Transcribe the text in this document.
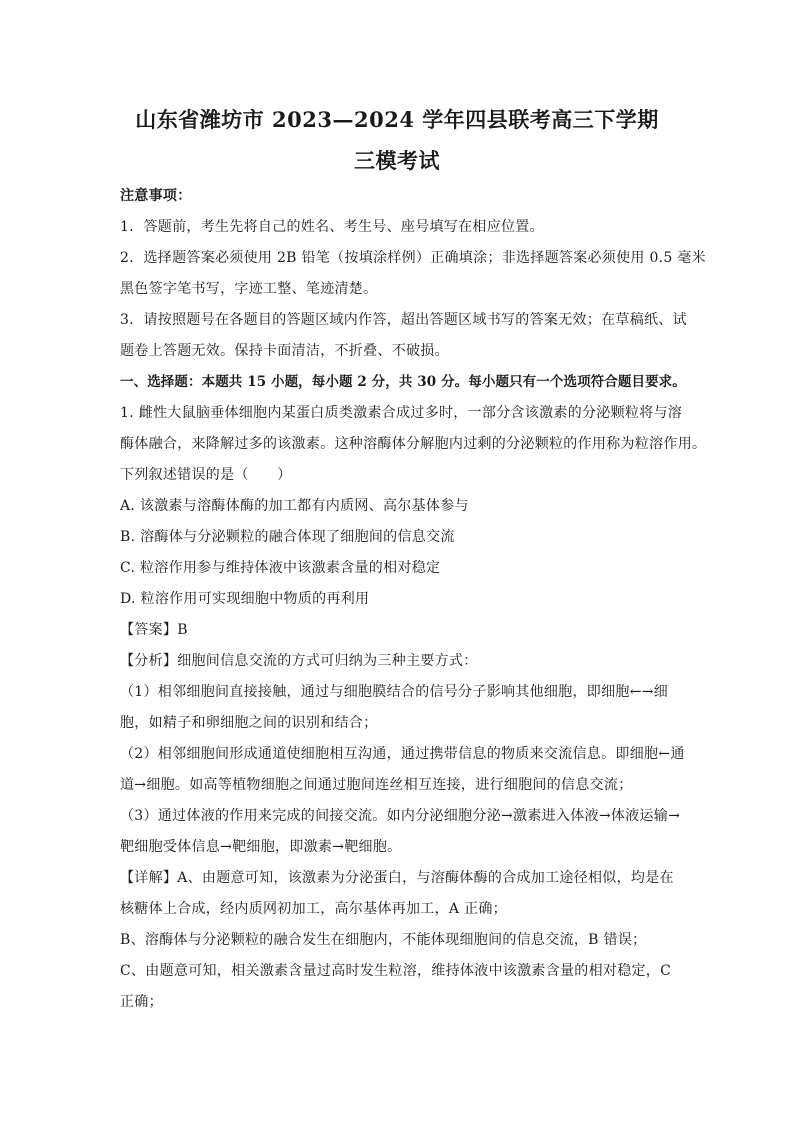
山东省潍坊市 2023—2024 学年四县联考高三下学期
三模考试
注意事项：
1．答题前，考生先将自己的姓名、考生号、座号填写在相应位置。
2．选择题答案必须使用 2B 铅笔（按填涂样例）正确填涂；非选择题答案必须使用 0.5 毫米
黑色签字笔书写，字迹工整、笔迹清楚。
3．请按照题号在各题目的答题区域内作答，超出答题区域书写的答案无效；在草稿纸、试
题卷上答题无效。保持卡面清洁，不折叠、不破损。
一、选择题：本题共 15 小题，每小题 2 分，共 30 分。每小题只有一个选项符合题目要求。
1. 雌性大鼠脑垂体细胞内某蛋白质类激素合成过多时，一部分含该激素的分泌颗粒将与溶
酶体融合，来降解过多的该激素。这种溶酶体分解胞内过剩的分泌颗粒的作用称为粒溶作用。
下列叙述错误的是（　　）
A. 该激素与溶酶体酶的加工都有内质网、高尔基体参与
B. 溶酶体与分泌颗粒的融合体现了细胞间的信息交流
C. 粒溶作用参与维持体液中该激素含量的相对稳定
D. 粒溶作用可实现细胞中物质的再利用
【答案】B
【分析】细胞间信息交流的方式可归纳为三种主要方式：
（1）相邻细胞间直接接触，通过与细胞膜结合的信号分子影响其他细胞，即细胞←→细
胞，如精子和卵细胞之间的识别和结合；
（2）相邻细胞间形成通道使细胞相互沟通，通过携带信息的物质来交流信息。即细胞←通
道→细胞。如高等植物细胞之间通过胞间连丝相互连接，进行细胞间的信息交流；
（3）通过体液的作用来完成的间接交流。如内分泌细胞分泌→激素进入体液→体液运输→
靶细胞受体信息→靶细胞，即激素→靶细胞。
【详解】A、由题意可知，该激素为分泌蛋白，与溶酶体酶的合成加工途径相似，均是在
核糖体上合成，经内质网初加工，高尔基体再加工，A 正确；
B、溶酶体与分泌颗粒的融合发生在细胞内，不能体现细胞间的信息交流，B 错误；
C、由题意可知，相关激素含量过高时发生粒溶，维持体液中该激素含量的相对稳定，C
正确；
